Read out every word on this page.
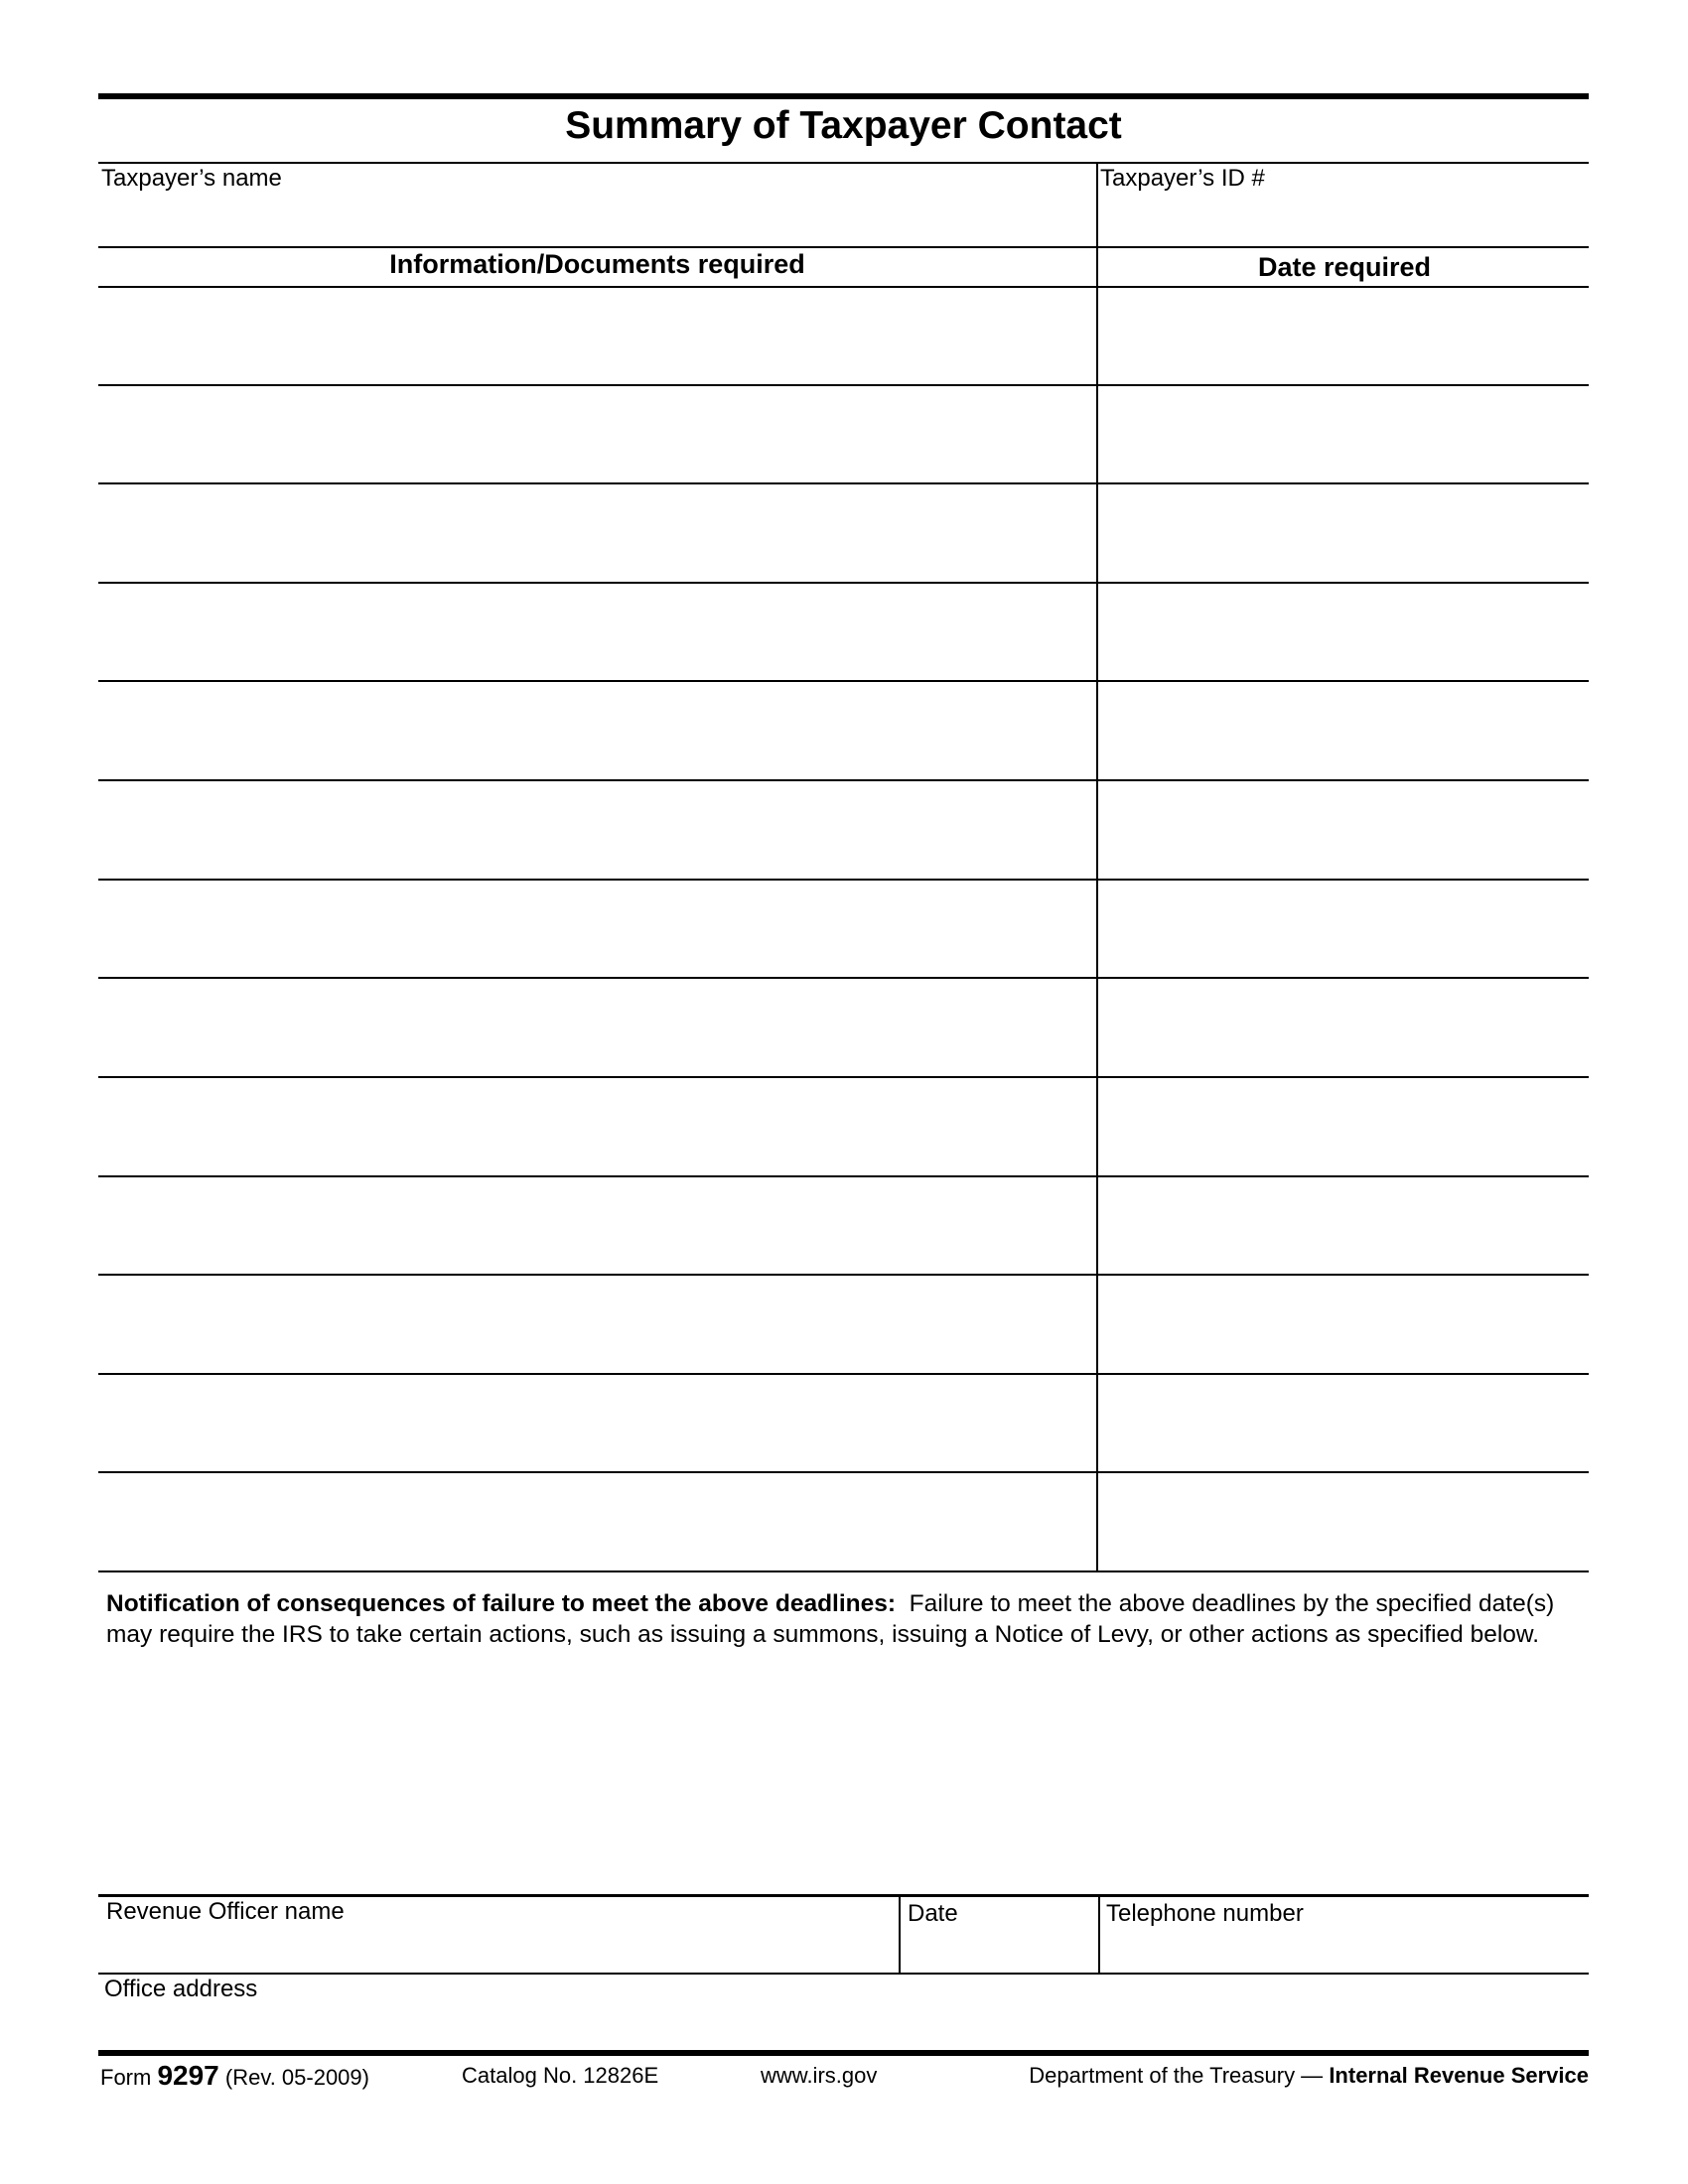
Summary of Taxpayer Contact
Taxpayer’s name	Taxpayer’s ID #
Information/Documents required	Date required
Notification of consequences of failure to meet the above deadlines: Failure to meet the above deadlines by the specified date(s) may require the IRS to take certain actions, such as issuing a summons, issuing a Notice of Levy, or other actions as specified below.
Revenue Officer name	Date	Telephone number
Office address
Form 9297 (Rev. 05-2009)	Catalog No. 12826E	www.irs.gov	Department of the Treasury — Internal Revenue Service
